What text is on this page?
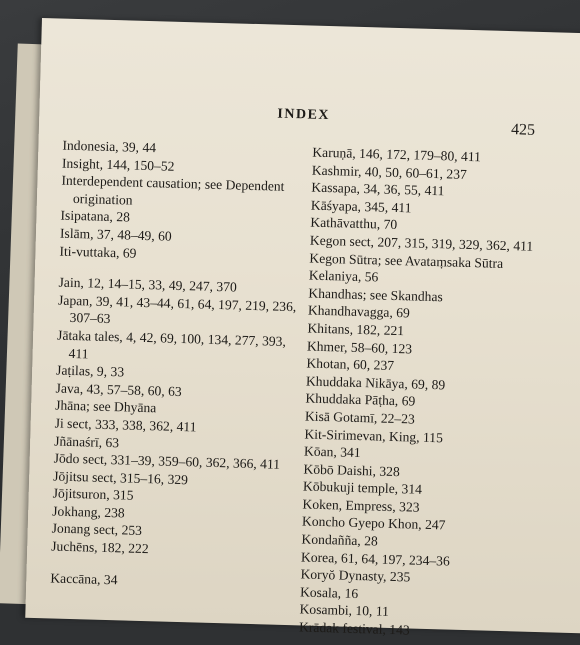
INDEX
425
Indonesia, 39, 44
Insight, 144, 150–52
Interdependent causation; see Dependent origination
Isipatana, 28
Islām, 37, 48–49, 60
Iti-vuttaka, 69
Jain, 12, 14–15, 33, 49, 247, 370
Japan, 39, 41, 43–44, 61, 64, 197, 219, 236, 307–63
Jātaka tales, 4, 42, 69, 100, 134, 277, 393, 411
Jaṭilas, 9, 33
Java, 43, 57–58, 60, 63
Jhāna; see Dhyāna
Ji sect, 333, 338, 362, 411
Jñānaśrī, 63
Jōdo sect, 331–39, 359–60, 362, 366, 411
Jōjitsu sect, 315–16, 329
Jōjitsuron, 315
Jokhang, 238
Jonang sect, 253
Juchēns, 182, 222
Kaccāna, 34
Karuṇā, 146, 172, 179–80, 411
Kashmir, 40, 50, 60–61, 237
Kassapa, 34, 36, 55, 411
Kāśyapa, 345, 411
Kathāvatthu, 70
Kegon sect, 207, 315, 319, 329, 362, 411
Kegon Sūtra; see Avataṃsaka Sūtra
Kelaniya, 56
Khandhas; see Skandhas
Khandhavagga, 69
Khitans, 182, 221
Khmer, 58–60, 123
Khotan, 60, 237
Khuddaka Nikāya, 69, 89
Khuddaka Pāṭha, 69
Kisā Gotamī, 22–23
Kit-Sirimevan, King, 115
Kōan, 341
Kōbō Daishi, 328
Kōbukuji temple, 314
Koken, Empress, 323
Koncho Gyepo Khon, 247
Kondañña, 28
Korea, 61, 64, 197, 234–36
Koryŏ Dynasty, 235
Kosala, 16
Kosambi, 10, 11
Krādak festival, 143
